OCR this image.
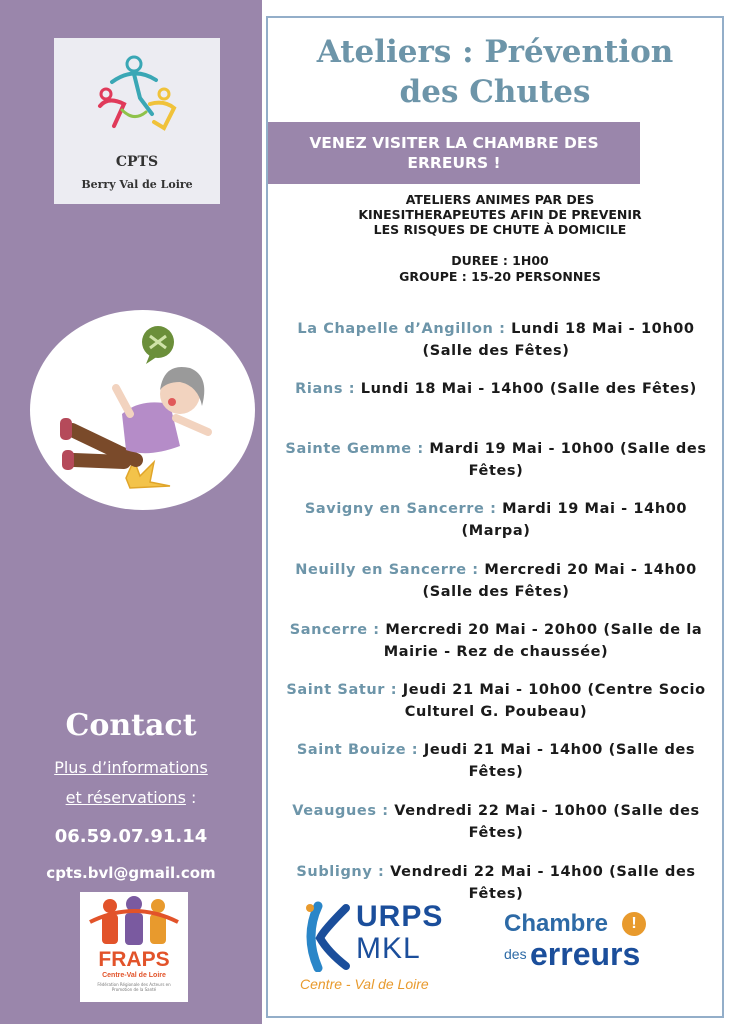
CPTS
Berry Val de Loire
Contact
Plus d’informations
et réservations :
06.59.07.91.14
cpts.bvl@gmail.com
FRAPS
Centre-Val de Loire
Fédération Régionale des Acteurs en Promotion de la Santé
Ateliers : Prévention
des Chutes
VENEZ VISITER LA CHAMBRE DES
ERREURS !
ATELIERS ANIMES PAR DES
KINESITHERAPEUTES AFIN DE PREVENIR
LES RISQUES DE CHUTE À DOMICILE
DUREE : 1H00
GROUPE : 15-20 PERSONNES
La Chapelle d’Angillon : Lundi 18 Mai - 10h00 (Salle des Fêtes)
Rians : Lundi 18 Mai - 14h00 (Salle des Fêtes)
Sainte Gemme : Mardi 19 Mai - 10h00 (Salle des Fêtes)
Savigny en Sancerre : Mardi 19 Mai - 14h00 (Marpa)
Neuilly en Sancerre : Mercredi 20 Mai - 14h00 (Salle des Fêtes)
Sancerre : Mercredi 20 Mai - 20h00 (Salle de la Mairie - Rez de chaussée)
Saint Satur : Jeudi 21 Mai - 10h00 (Centre Socio Culturel G. Poubeau)
Saint Bouize : Jeudi 21 Mai - 14h00 (Salle des Fêtes)
Veaugues : Vendredi 22 Mai - 10h00 (Salle des Fêtes)
Subligny : Vendredi 22 Mai - 14h00 (Salle des Fêtes)
URPS
MKL
Centre - Val de Loire
Chambre	!
des erreurs
